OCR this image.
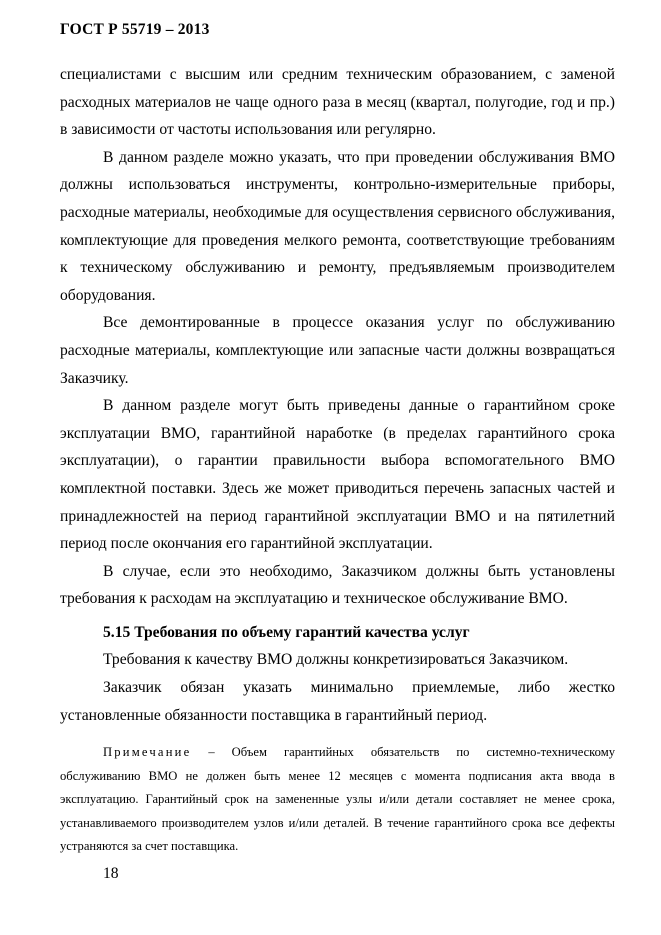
ГОСТ Р 55719 – 2013

специалистами с высшим или средним техническим образованием, с заменой расходных материалов не чаще одного раза в месяц (квартал, полугодие, год и пр.) в зависимости от частоты использования или регулярно.

В данном разделе можно указать, что при проведении обслуживания ВМО должны использоваться инструменты, контрольно-измерительные приборы, расходные материалы, необходимые для осуществления сервисного обслуживания, комплектующие для проведения мелкого ремонта, соответствующие требованиям к техническому обслуживанию и ремонту, предъявляемым производителем оборудования.

Все демонтированные в процессе оказания услуг по обслуживанию расходные материалы, комплектующие или запасные части должны возвращаться Заказчику.

В данном разделе могут быть приведены данные о гарантийном сроке эксплуатации ВМО, гарантийной наработке (в пределах гарантийного срока эксплуатации), о гарантии правильности выбора вспомогательного ВМО комплектной поставки. Здесь же может приводиться перечень запасных частей и принадлежностей на период гарантийной эксплуатации ВМО и на пятилетний период после окончания его гарантийной эксплуатации.

В случае, если это необходимо, Заказчиком должны быть установлены требования к расходам на эксплуатацию и техническое обслуживание ВМО.

5.15 Требования по объему гарантий качества услуг

Требования к качеству ВМО должны конкретизироваться Заказчиком.

Заказчик обязан указать минимально приемлемые, либо жестко установленные обязанности поставщика в гарантийный период.

Примечание – Объем гарантийных обязательств по системно-техническому обслуживанию ВМО не должен быть менее 12 месяцев с момента подписания акта ввода в эксплуатацию. Гарантийный срок на замененные узлы и/или детали составляет не менее срока, устанавливаемого производителем узлов и/или деталей. В течение гарантийного срока все дефекты устраняются за счет поставщика.
18
